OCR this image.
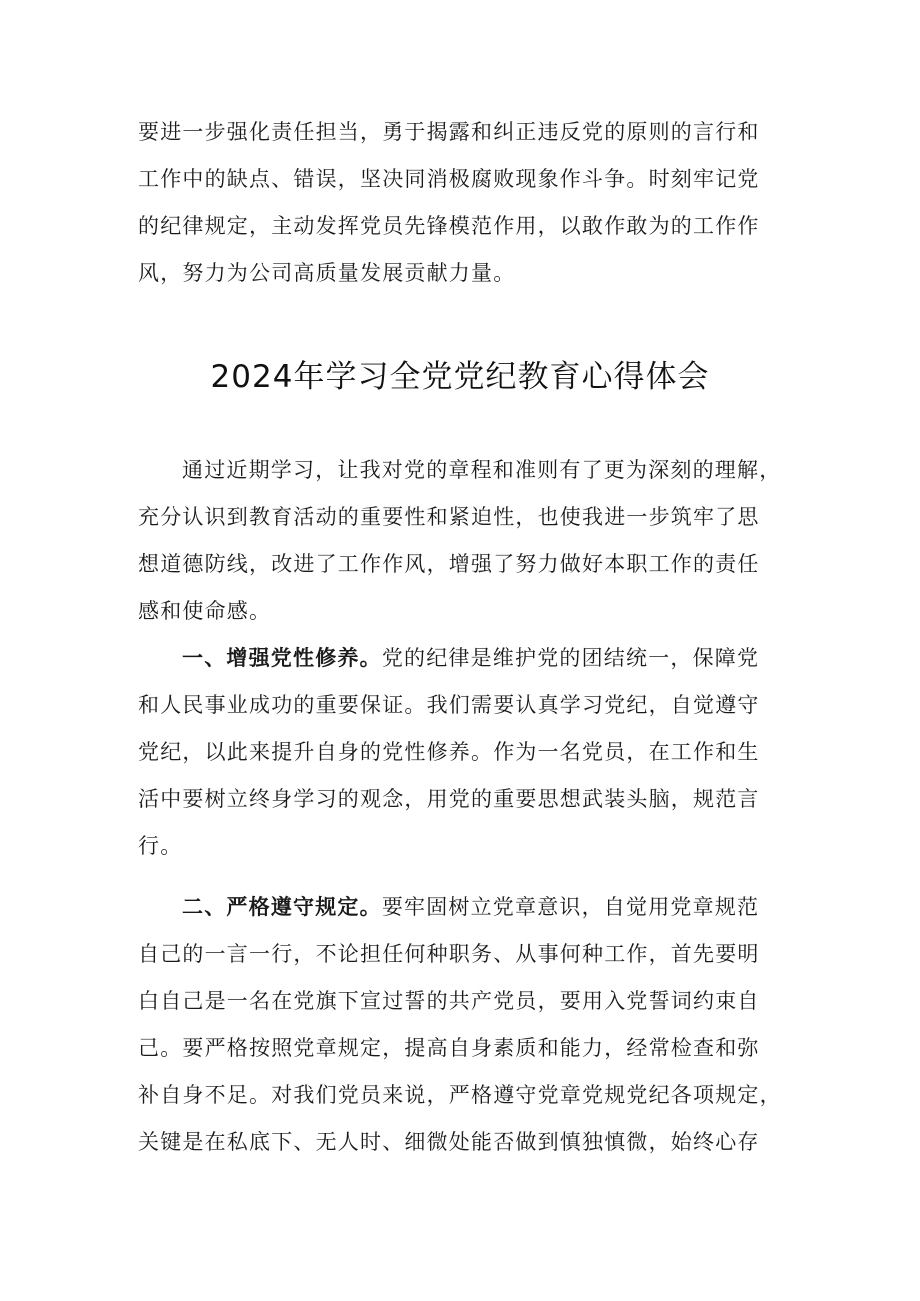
要进一步强化责任担当，勇于揭露和纠正违反党的原则的言行和
工作中的缺点、错误，坚决同消极腐败现象作斗争。时刻牢记党
的纪律规定，主动发挥党员先锋模范作用，以敢作敢为的工作作
风，努力为公司高质量发展贡献力量。
2024年学习全党党纪教育心得体会
通过近期学习，让我对党的章程和准则有了更为深刻的理解，
充分认识到教育活动的重要性和紧迫性，也使我进一步筑牢了思
想道德防线，改进了工作作风，增强了努力做好本职工作的责任
感和使命感。
一、增强党性修养。党的纪律是维护党的团结统一，保障党
和人民事业成功的重要保证。我们需要认真学习党纪，自觉遵守
党纪，以此来提升自身的党性修养。作为一名党员，在工作和生
活中要树立终身学习的观念，用党的重要思想武装头脑，规范言
行。
二、严格遵守规定。要牢固树立党章意识，自觉用党章规范
自己的一言一行，不论担任何种职务、从事何种工作，首先要明
白自己是一名在党旗下宣过誓的共产党员，要用入党誓词约束自
己。要严格按照党章规定，提高自身素质和能力，经常检查和弥
补自身不足。对我们党员来说，严格遵守党章党规党纪各项规定，
关键是在私底下、无人时、细微处能否做到慎独慎微，始终心存
